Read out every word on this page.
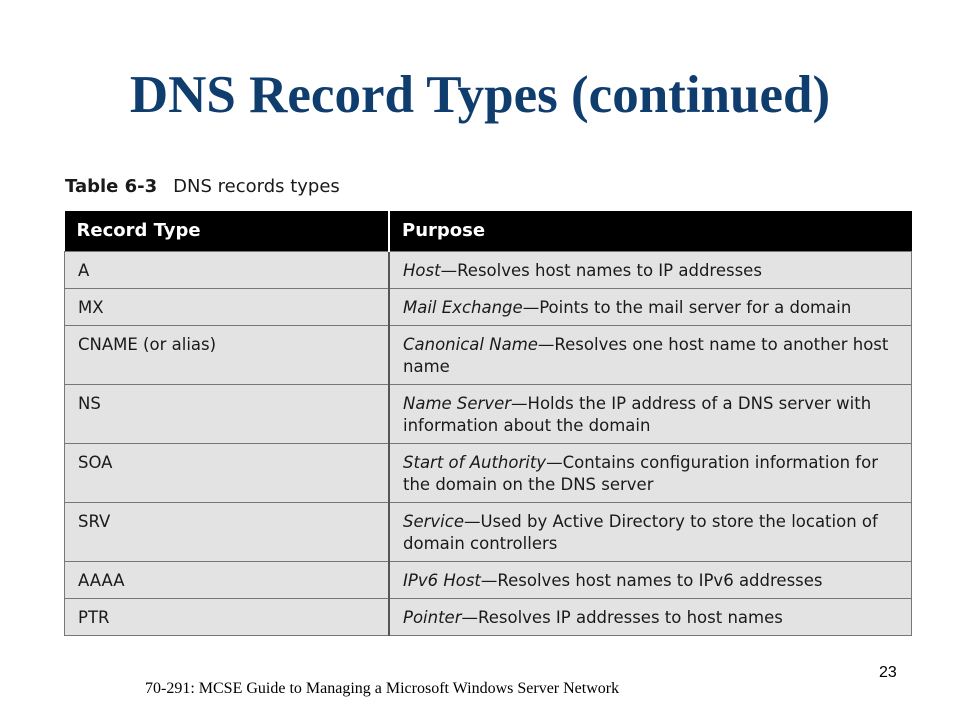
DNS Record Types (continued)
Table 6-3 DNS records types
Record Type	Purpose
A	Host—Resolves host names to IP addresses
MX	Mail Exchange—Points to the mail server for a domain
CNAME (or alias)	Canonical Name—Resolves one host name to another host name
NS	Name Server—Holds the IP address of a DNS server with information about the domain
SOA	Start of Authority—Contains configuration information for the domain on the DNS server
SRV	Service—Used by Active Directory to store the location of domain controllers
AAAA	IPv6 Host—Resolves host names to IPv6 addresses
PTR	Pointer—Resolves IP addresses to host names
23
70-291: MCSE Guide to Managing a Microsoft Windows Server Network
